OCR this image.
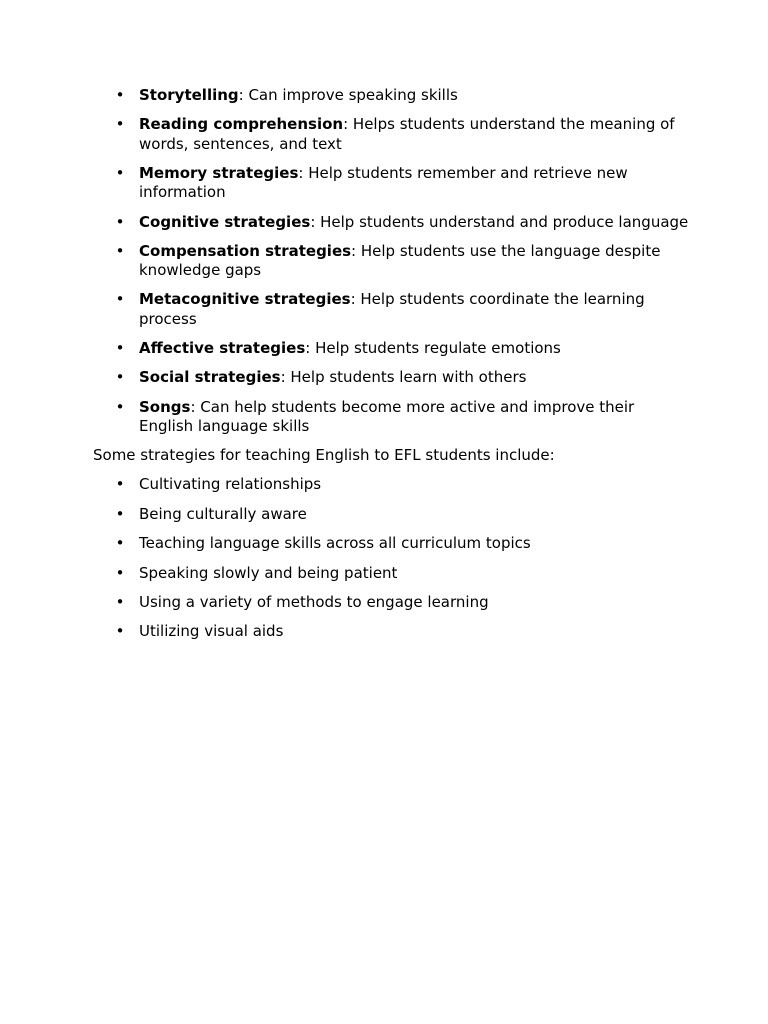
• Storytelling: Can improve speaking skills
• Reading comprehension: Helps students understand the meaning of words, sentences, and text
• Memory strategies: Help students remember and retrieve new information
• Cognitive strategies: Help students understand and produce language
• Compensation strategies: Help students use the language despite knowledge gaps
• Metacognitive strategies: Help students coordinate the learning process
• Affective strategies: Help students regulate emotions
• Social strategies: Help students learn with others
• Songs: Can help students become more active and improve their English language skills

Some strategies for teaching English to EFL students include:

• Cultivating relationships
• Being culturally aware
• Teaching language skills across all curriculum topics
• Speaking slowly and being patient
• Using a variety of methods to engage learning
• Utilizing visual aids
